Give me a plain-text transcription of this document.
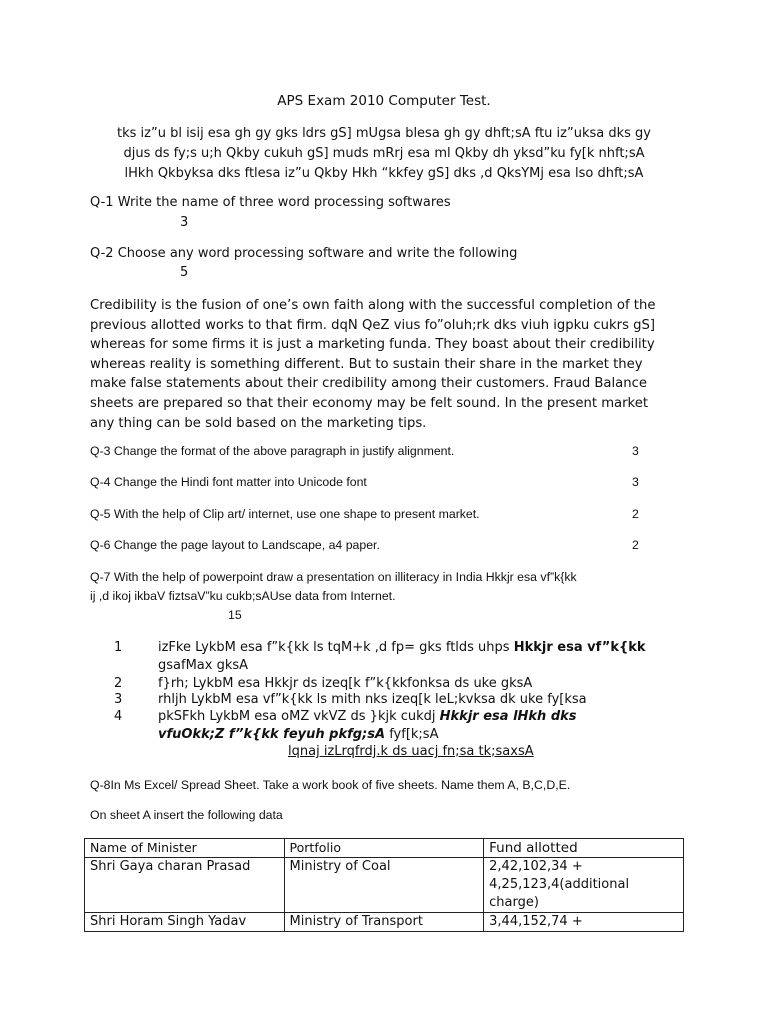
APS Exam 2010 Computer Test.
tks iz”u bl isij esa gh gy gks ldrs gS] mUgsa blesa gh gy dhft;sA ftu iz”uksa dks gy
djus ds fy;s u;h Qkby cukuh gS] muds mRrj esa ml Qkby dh yksd”ku fy[k nhft;sA
lHkh Qkbyksa dks ftlesa iz”u Qkby Hkh “kkfey gS] dks ,d QksYMj esa lso dhft;sA
Q-1 Write the name of three word processing softwares
3
Q-2 Choose any word processing software and write the following
5
Credibility is the fusion of one’s own faith along with the successful completion of the previous allotted works to that firm. dqN QeZ vius fo”oluh;rk dks viuh igpku cukrs gS] whereas for some firms it is just a marketing funda. They boast about their credibility whereas reality is something different. But to sustain their share in the market they make false statements about their credibility among their customers. Fraud Balance sheets are prepared so that their economy may be felt sound. In the present market any thing can be sold based on the marketing tips.
Q-3 Change the format of the above paragraph in justify alignment.	3
Q-4 Change the Hindi font matter into Unicode font	3
Q-5 With the help of Clip art/ internet, use one shape to present market.	2
Q-6 Change the page layout to Landscape, a4 paper.	2
Q-7 With the help of powerpoint draw a presentation on illiteracy in India Hkkjr esa vf”k{kk
ij ,d ikoj ikbaV fiztsaV”ku cukb;sAUse data from Internet.
15
1	izFke LykbM esa f”k{kk ls tqM+k ,d fp= gks ftlds uhps Hkkjr esa vf”k{kk
gsafMax gksA
2	f}rh; LykbM esa Hkkjr ds izeq[k f”k{kkfonksa ds uke gksA
3	rhljh LykbM esa vf”k{kk ls mith nks izeq[k leL;kvksa dk uke fy[ksa
4	pkSFkh LykbM esa oMZ vkVZ ds }kjk cukdj Hkkjr esa lHkh dks
vfuOkk;Z f”k{kk feyuh pkfg;sA fyf[k;sA
lqnaj izLrqfrdj.k ds uacj fn;sa tk;saxsA
Q-8In Ms Excel/ Spread Sheet. Take a work book of five sheets. Name them A, B,C,D,E.
On sheet A insert the following data
Name of Minister	Portfolio	Fund allotted
Shri Gaya charan Prasad	Ministry of Coal	2,42,102,34 +
4,25,123,4(additional
charge)

Shri Horam Singh Yadav	Ministry of Transport	3,44,152,74 +
